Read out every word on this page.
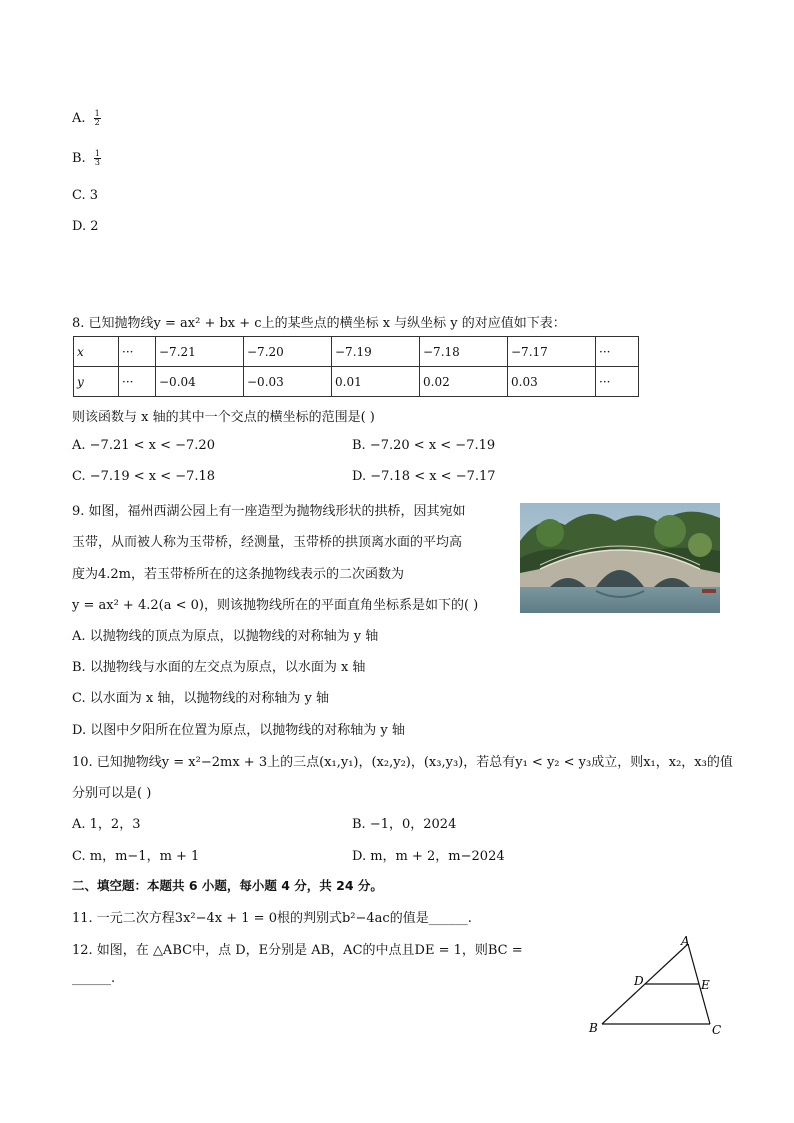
A. $\frac{1}{2}$
B. $\frac{1}{3}$
C. 3
D. 2
8. 已知抛物线y = ax² + bx + c上的某些点的横坐标 x 与纵坐标 y 的对应值如下表：
x	···	−7.21	−7.20	−7.19	−7.18	−7.17	···
y	···	−0.04	−0.03	0.01	0.02	0.03	···
则该函数与 x 轴的其中一个交点的横坐标的范围是( )
A. −7.21 < x < −7.20	B. −7.20 < x < −7.19
C. −7.19 < x < −7.18	D. −7.18 < x < −7.17
9. 如图，福州西湖公园上有一座造型为抛物线形状的拱桥，因其宛如
玉带，从而被人称为玉带桥，经测量，玉带桥的拱顶离水面的平均高
度为4.2m，若玉带桥所在的这条抛物线表示的二次函数为
y = ax² + 4.2(a < 0)，则该抛物线所在的平面直角坐标系是如下的( )
A. 以抛物线的顶点为原点，以抛物线的对称轴为 y 轴
B. 以抛物线与水面的左交点为原点，以水面为 x 轴
C. 以水面为 x 轴，以抛物线的对称轴为 y 轴
D. 以图中夕阳所在位置为原点，以抛物线的对称轴为 y 轴
10. 已知抛物线y = x²−2mx + 3上的三点(x₁,y₁)，(x₂,y₂)，(x₃,y₃)，若总有y₁ < y₂ < y₃成立，则x₁，x₂，x₃的值
分别可以是( )
A. 1，2，3	B. −1，0，2024
C. m，m−1，m + 1	D. m，m + 2，m−2024
二、填空题：本题共 6 小题，每小题 4 分，共 24 分。
11. 一元二次方程3x²−4x + 1 = 0根的判别式b²−4ac的值是______.
12. 如图，在 △ABC中，点 D，E分别是 AB，AC的中点且DE = 1，则BC =
______.
A
B	C
D	E
